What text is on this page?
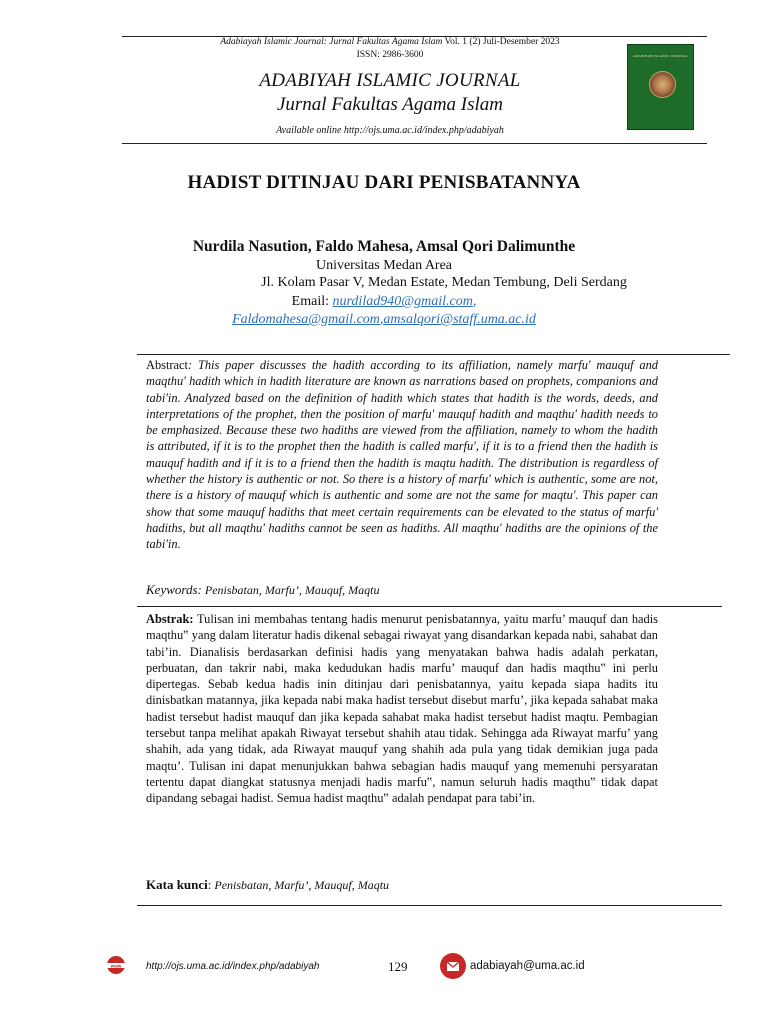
Adabiayah Islamic Journal: Jurnal Fakultas Agama Islam Vol. 1 (2) Juli-Desember 2023
ISSN: 2986-3600
ADABIYAH ISLAMIC JOURNAL
Jurnal Fakultas Agama Islam
Available online http://ojs.uma.ac.id/index.php/adabiyah
ADABIYAH ISLAMIC JOURNAL
HADIST DITINJAU DARI PENISBATANNYA
Nurdila Nasution, Faldo Mahesa, Amsal Qori Dalimunthe
Universitas Medan Area
Jl. Kolam Pasar V, Medan Estate, Medan Tembung, Deli Serdang
Email: nurdilad940@gmail.com,
Faldomahesa@gmail.com,amsalqori@staff.uma.ac.id
Abstract: This paper discusses the hadith according to its affiliation, namely marfu' mauquf and maqthu' hadith which in hadith literature are known as narrations based on prophets, companions and tabi'in. Analyzed based on the definition of hadith which states that hadith is the words, deeds, and interpretations of the prophet, then the position of marfu' mauquf hadith and maqthu' hadith needs to be emphasized. Because these two hadiths are viewed from the affiliation, namely to whom the hadith is attributed, if it is to the prophet then the hadith is called marfu', if it is to a friend then the hadith is mauquf hadith and if it is to a friend then the hadith is maqtu hadith. The distribution is regardless of whether the history is authentic or not. So there is a history of marfu' which is authentic, some are not, there is a history of mauquf which is authentic and some are not the same for maqtu'. This paper can show that some mauquf hadiths that meet certain requirements can be elevated to the status of marfu' hadiths, but all maqthu' hadiths cannot be seen as hadiths. All maqthu' hadiths are the opinions of the tabi'in.
Keywords: Penisbatan, Marfu’, Mauquf, Maqtu
Abstrak: Tulisan ini membahas tentang hadis menurut penisbatannya, yaitu marfu’ mauquf dan hadis maqthu‟ yang dalam literatur hadis dikenal sebagai riwayat yang disandarkan kepada nabi, sahabat dan tabi’in. Dianalisis berdasarkan definisi hadis yang menyatakan bahwa hadis adalah perkatan, perbuatan, dan takrir nabi, maka kedudukan hadis marfu’ mauquf dan hadis maqthu‟ ini perlu dipertegas. Sebab kedua hadis inin ditinjau dari penisbatannya, yaitu kepada siapa hadits itu dinisbatkan matannya, jika kepada nabi maka hadist tersebut disebut marfu’, jika kepada sahabat maka hadist tersebut hadist mauquf dan jika kepada sahabat maka hadist tersebut hadist maqtu. Pembagian tersebut tanpa melihat apakah Riwayat tersebut shahih atau tidak. Sehingga ada Riwayat marfu’ yang shahih, ada yang tidak, ada Riwayat mauquf yang shahih ada pula yang tidak demikian juga pada maqtu’. Tulisan ini dapat menunjukkan bahwa sebagian hadis mauquf yang memenuhi persyaratan tertentu dapat diangkat statusnya menjadi hadis marfu‟, namun seluruh hadis maqthu‟ tidak dapat dipandang sebagai hadist. Semua hadist maqthu‟ adalah pendapat para tabi’in.
Kata kunci: Penisbatan, Marfu’, Mauquf, Maqtu
www http://ojs.uma.ac.id/index.php/adabiyah	129	adabiayah@uma.ac.id
